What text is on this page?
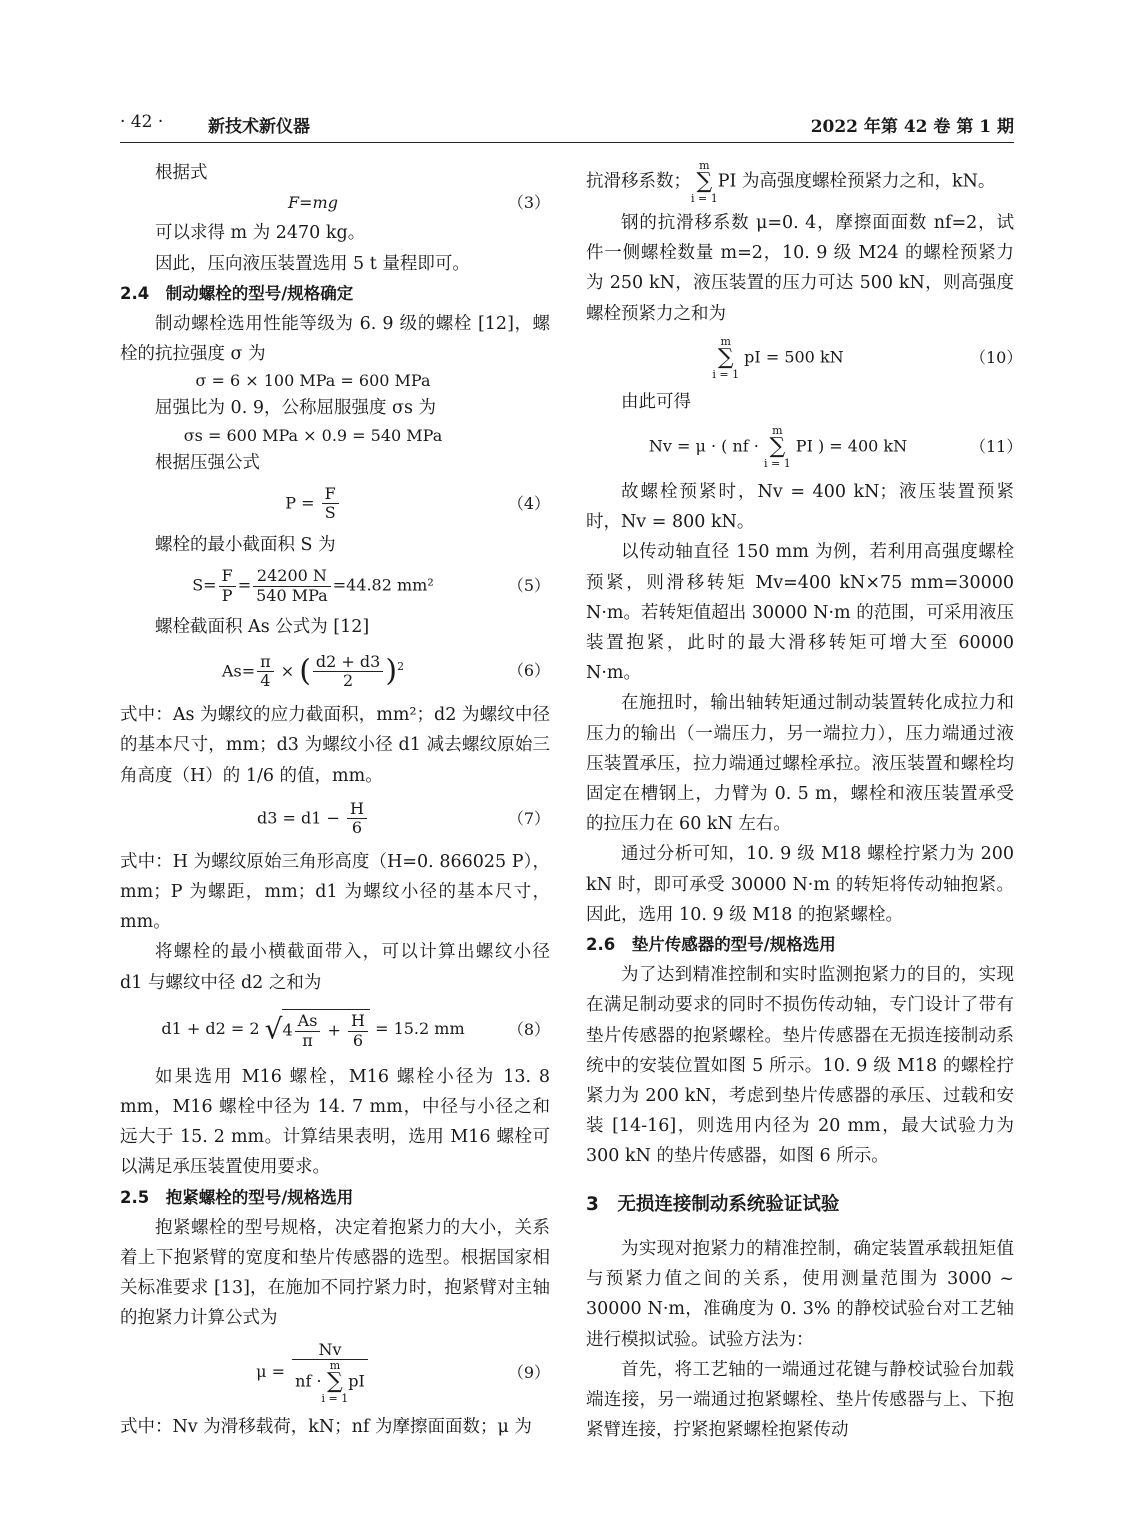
· 42 ·	新技术新仪器	2022 年第 42 卷 第 1 期

根据式

F=mg	（3）

可以求得 m 为 2470 kg。

因此，压向液压装置选用 5 t 量程即可。

2.4　制动螺栓的型号/规格确定

制动螺栓选用性能等级为 6. 9 级的螺栓 [12]，螺栓的抗拉强度 σ 为

σ = 6 × 100 MPa = 600 MPa

屈强比为 0. 9，公称屈服强度 σs 为

σs = 600 MPa × 0.9 = 540 MPa

根据压强公式

$P = \frac{F}{S}$	（4）

螺栓的最小截面积 S 为

$S= \frac{F}{P} = \frac{24200 N}{\text{540 MPa}} =44.82$ mm²	（5）

螺栓截面积 As 公式为 [12]

$As= \frac{\pi}{4}$ × ( $\frac{d2 + d3}{2} )^2$	（6）

式中：As 为螺纹的应力截面积，mm²；d2 为螺纹中径的基本尺寸，mm；d3 为螺纹小径 d1 减去螺纹原始三角高度（H）的 1/6 的值，mm。

$d3 = d1 - \frac{H}{6}$	（7）

式中：H 为螺纹原始三角形高度（H=0. 866025 P），mm；P 为螺距，mm；d1 为螺纹小径的基本尺寸，mm。

将螺栓的最小横截面带入，可以计算出螺纹小径 d1 与螺纹中径 d2 之和为

d1 + d2 = 2 $√4 \frac{As}{\pi} + \frac{H}{6} = 15.2$ mm	（8）

如果选用 M16 螺栓，M16 螺栓小径为 13. 8 mm，M16 螺栓中径为 14. 7 mm，中径与小径之和远大于 15. 2 mm。计算结果表明，选用 M16 螺栓可以满足承压装置使用要求。

2.5　抱紧螺栓的型号/规格选用

抱紧螺栓的型号规格，决定着抱紧力的大小，关系着上下抱紧臂的宽度和垫片传感器的选型。根据国家相关标准要求 [13]，在施加不同拧紧力时，抱紧臂对主轴的抱紧力计算公式为

μ = Nv
nf ·m
∑
i = 1pI	（9）

式中：Nv 为滑移载荷，kN；nf 为摩擦面面数；μ 为

抗滑移系数；m
∑
i = 1PI 为高强度螺栓预紧力之和，kN。

钢的抗滑移系数 μ=0. 4，摩擦面面数 nf=2，试件一侧螺栓数量 m=2，10. 9 级 M24 的螺栓预紧力为 250 kN，液压装置的压力可达 500 kN，则高强度螺栓预紧力之和为

m
∑
i = 1 pI = 500 kN	（10）

由此可得

Nv = μ · ( nf · m
∑
i = 1 PI ) = 400 kN	（11）

故螺栓预紧时，Nv = 400 kN；液压装置预紧时，Nv = 800 kN。

以传动轴直径 150 mm 为例，若利用高强度螺栓预紧，则滑移转矩 Mv=400 kN×75 mm=30000 N·m。若转矩值超出 30000 N·m 的范围，可采用液压装置抱紧，此时的最大滑移转矩可增大至 60000 N·m。

在施扭时，输出轴转矩通过制动装置转化成拉力和压力的输出（一端压力，另一端拉力），压力端通过液压装置承压，拉力端通过螺栓承拉。液压装置和螺栓均固定在槽钢上，力臂为 0. 5 m，螺栓和液压装置承受的拉压力在 60 kN 左右。

通过分析可知，10. 9 级 M18 螺栓拧紧力为 200 kN 时，即可承受 30000 N·m 的转矩将传动轴抱紧。因此，选用 10. 9 级 M18 的抱紧螺栓。

2.6　垫片传感器的型号/规格选用

为了达到精准控制和实时监测抱紧力的目的，实现在满足制动要求的同时不损伤传动轴，专门设计了带有垫片传感器的抱紧螺栓。垫片传感器在无损连接制动系统中的安装位置如图 5 所示。10. 9 级 M18 的螺栓拧紧力为 200 kN，考虑到垫片传感器的承压、过载和安装 [14-16]，则选用内径为 20 mm，最大试验力为 300 kN 的垫片传感器，如图 6 所示。

3　无损连接制动系统验证试验

为实现对抱紧力的精准控制，确定装置承载扭矩值与预紧力值之间的关系，使用测量范围为 3000 ~ 30000 N·m，准确度为 0. 3% 的静校试验台对工艺轴进行模拟试验。试验方法为：

首先，将工艺轴的一端通过花键与静校试验台加载端连接，另一端通过抱紧螺栓、垫片传感器与上、下抱紧臂连接，拧紧抱紧螺栓抱紧传动
